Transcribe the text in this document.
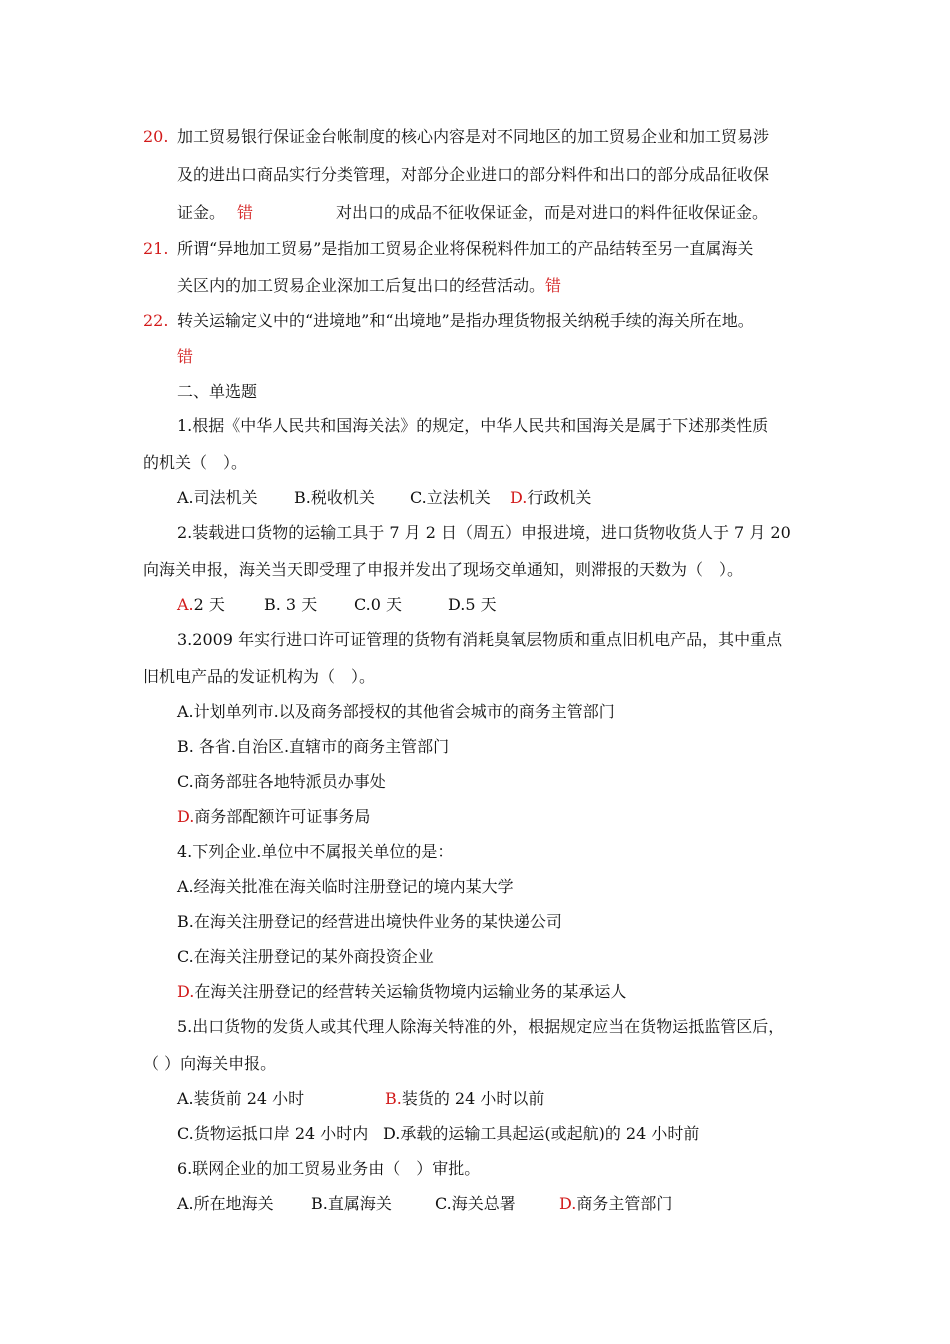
20. 加工贸易银行保证金台帐制度的核心内容是对不同地区的加工贸易企业和加工贸易涉
及的进出口商品实行分类管理，对部分企业进口的部分料件和出口的部分成品征收保
证金。 错	对出口的成品不征收保证金，而是对进口的料件征收保证金。
21. 所谓“异地加工贸易”是指加工贸易企业将保税料件加工的产品结转至另一直属海关
关区内的加工贸易企业深加工后复出口的经营活动。错
22. 转关运输定义中的“进境地”和“出境地”是指办理货物报关纳税手续的海关所在地。
错
二、单选题
1.根据《中华人民共和国海关法》的规定，中华人民共和国海关是属于下述那类性质
的机关（　）。
A.司法机关 B.税收机关 C.立法机关 D.行政机关
2.装载进口货物的运输工具于 7 月 2 日（周五）申报进境，进口货物收货人于 7 月 20
向海关申报，海关当天即受理了申报并发出了现场交单通知，则滞报的天数为（　）。
A.2 天 B. 3 天 C.0 天	D.5 天
3.2009 年实行进口许可证管理的货物有消耗臭氧层物质和重点旧机电产品，其中重点
旧机电产品的发证机构为（　）。
A.计划单列市.以及商务部授权的其他省会城市的商务主管部门
B. 各省.自治区.直辖市的商务主管部门
C.商务部驻各地特派员办事处
D.商务部配额许可证事务局
4.下列企业.单位中不属报关单位的是：
A.经海关批准在海关临时注册登记的境内某大学
B.在海关注册登记的经营进出境快件业务的某快递公司
C.在海关注册登记的某外商投资企业
D.在海关注册登记的经营转关运输货物境内运输业务的某承运人
5.出口货物的发货人或其代理人除海关特准的外，根据规定应当在货物运抵监管区后，
（ ）向海关申报。
A.装货前 24 小时	B.装货的 24 小时以前
C.货物运抵口岸 24 小时内 D.承载的运输工具起运(或起航)的 24 小时前
6.联网企业的加工贸易业务由（　）审批。
A.所在地海关 B.直属海关	C.海关总署	D.商务主管部门
